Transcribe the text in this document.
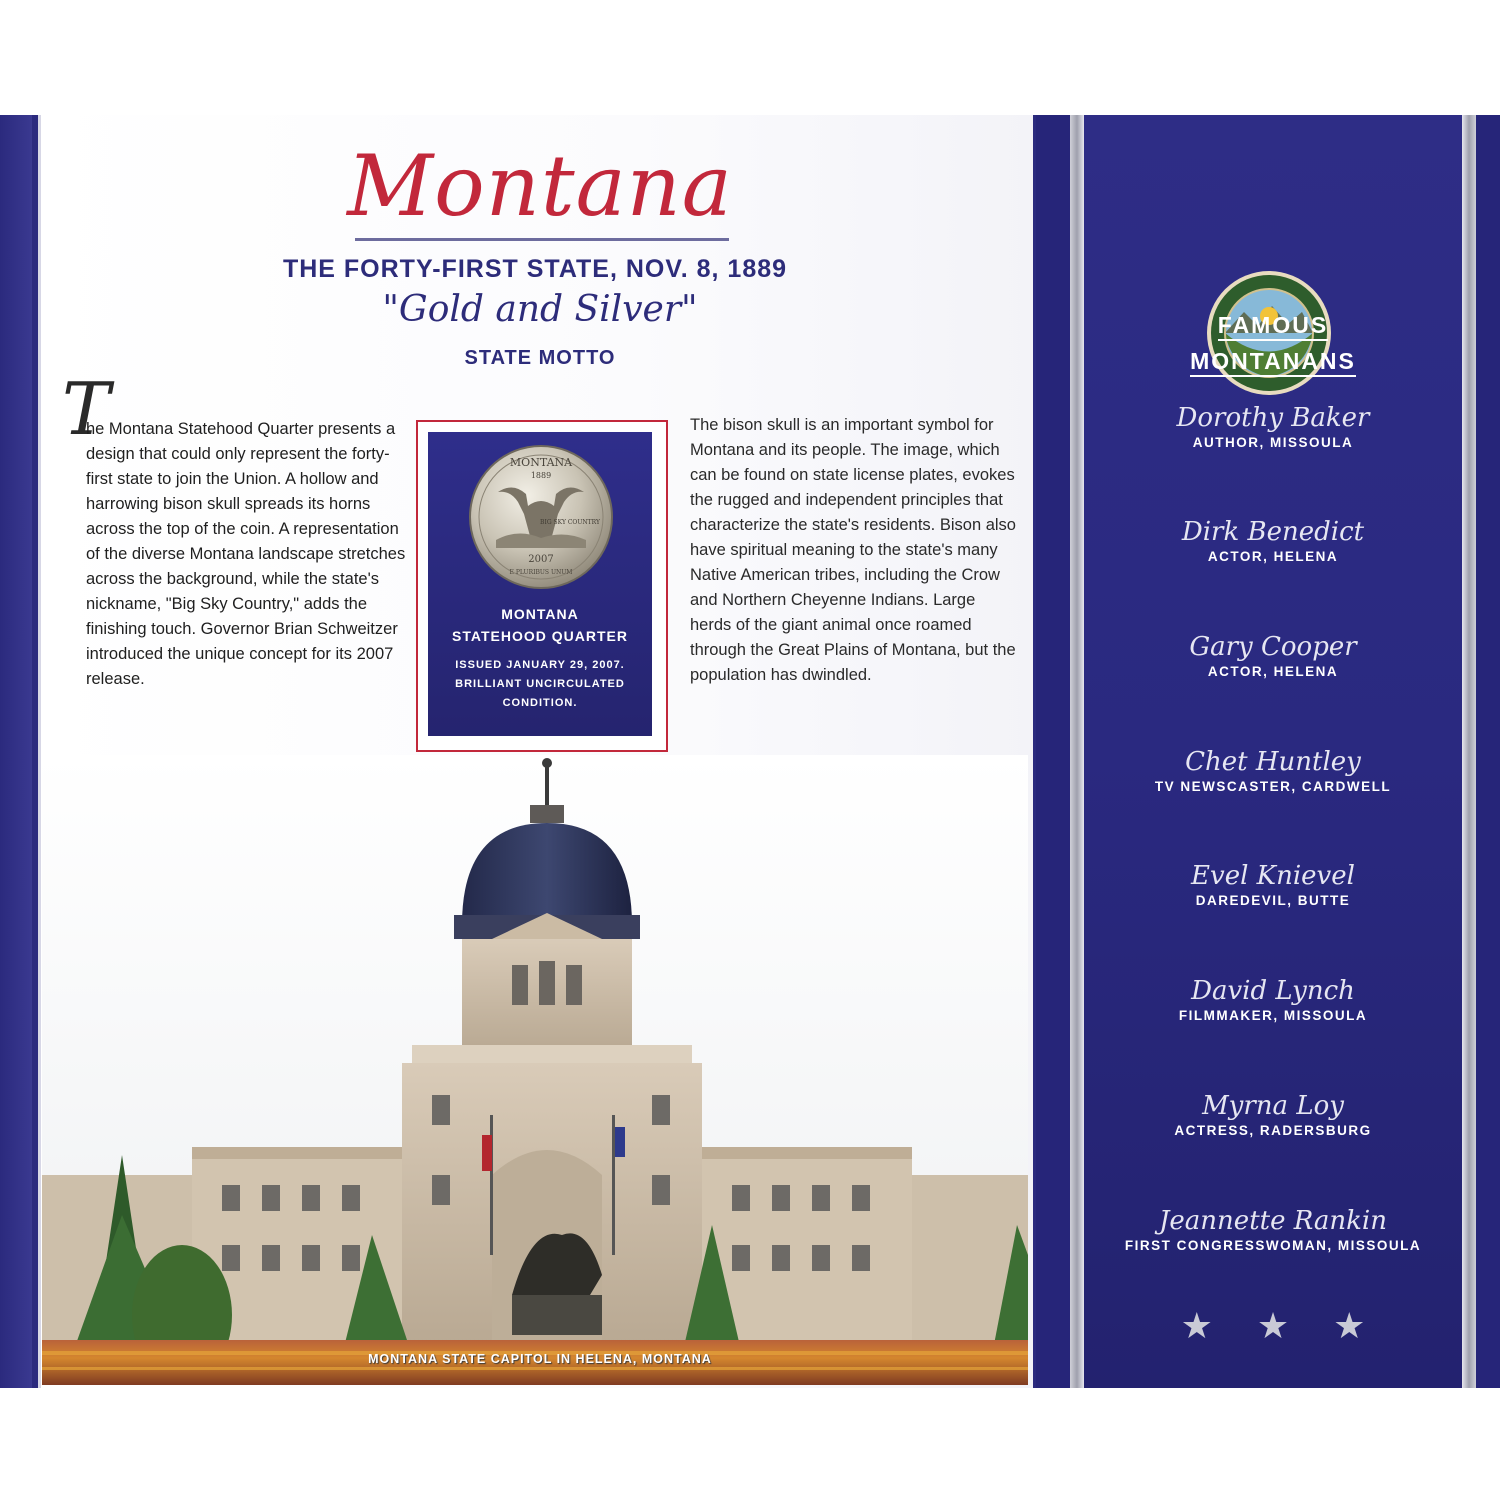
Montana
THE FORTY-FIRST STATE, NOV. 8, 1889
"Gold and Silver"
STATE MOTTO
T
he Montana Statehood Quarter presents a design that could only represent the forty-first state to join the Union. A hollow and harrowing bison skull spreads its horns across the top of the coin. A representation of the diverse Montana landscape stretches across the background, while the state's nickname, "Big Sky Country," adds the finishing touch. Governor Brian Schweitzer introduced the unique concept for its 2007 release.
MONTANA
1889
BIG SKY COUNTRY
2007
E PLURIBUS UNUM
MONTANA
STATEHOOD QUARTER
ISSUED JANUARY 29, 2007.
BRILLIANT UNCIRCULATED
CONDITION.
The bison skull is an important symbol for Montana and its people. The image, which can be found on state license plates, evokes the rugged and independent principles that characterize the state's residents. Bison also have spiritual meaning to the state's many Native American tribes, including the Crow and Northern Cheyenne Indians. Large herds of the giant animal once roamed through the Great Plains of Montana, but the population has dwindled.
MONTANA STATE CAPITOL IN HELENA, MONTANA
FAMOUS
MONTANANS
Dorothy Baker
AUTHOR, MISSOULA
Dirk Benedict
ACTOR, HELENA
Gary Cooper
ACTOR, HELENA
Chet Huntley
TV NEWSCASTER, CARDWELL
Evel Knievel
DAREDEVIL, BUTTE
David Lynch
FILMMAKER, MISSOULA
Myrna Loy
ACTRESS, RADERSBURG
Jeannette Rankin
FIRST CONGRESSWOMAN, MISSOULA
★★★
